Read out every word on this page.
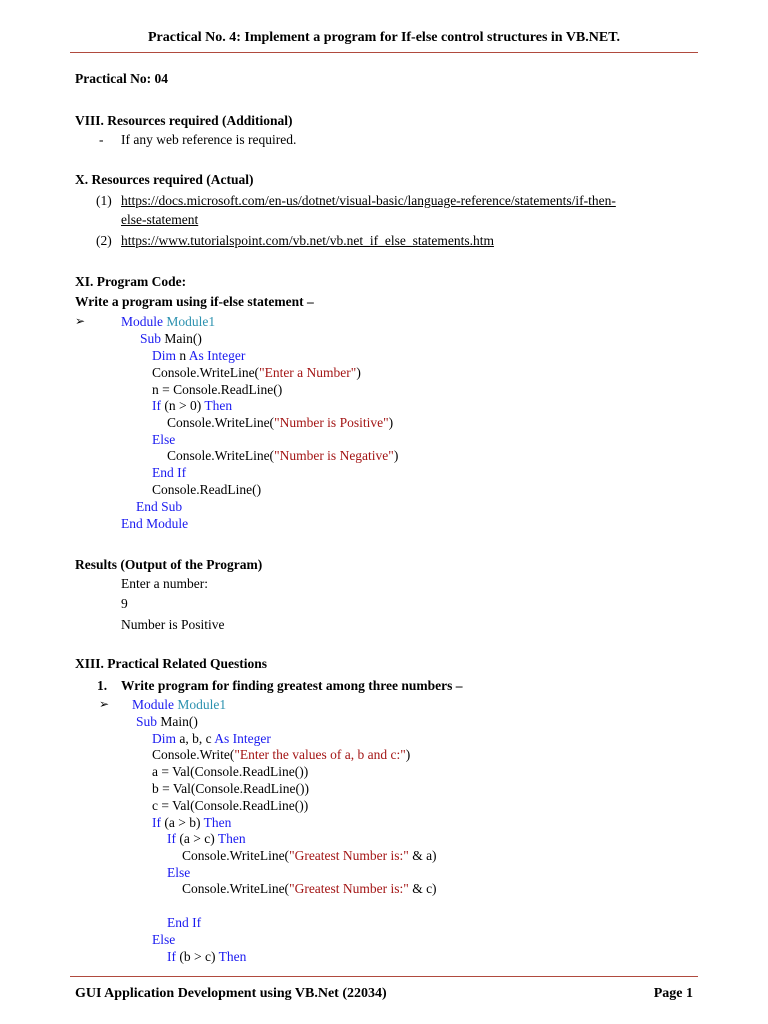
Practical No. 4: Implement a program for If-else control structures in VB.NET.
Practical No: 04
VIII. Resources required (Additional)
- If any web reference is required.
X. Resources required (Actual)
(1) https://docs.microsoft.com/en-us/dotnet/visual-basic/language-reference/statements/if-then-
else-statement
(2) https://www.tutorialspoint.com/vb.net/vb.net_if_else_statements.htm
XI. Program Code:
Write a program using if-else statement –
➢	Module Module1
Sub Main()
Dim n As Integer
Console.WriteLine("Enter a Number")
n = Console.ReadLine()
If (n > 0) Then
Console.WriteLine("Number is Positive")
Else
Console.WriteLine("Number is Negative")
End If
Console.ReadLine()
End Sub
End Module
Results (Output of the Program)
Enter a number:
9
Number is Positive
XIII. Practical Related Questions
1. Write program for finding greatest among three numbers –
➢ Module Module1
Sub Main()
Dim a, b, c As Integer
Console.Write("Enter the values of a, b and c:")
a = Val(Console.ReadLine())
b = Val(Console.ReadLine())
c = Val(Console.ReadLine())
If (a > b) Then
If (a > c) Then
Console.WriteLine("Greatest Number is:" & a)
Else
Console.WriteLine("Greatest Number is:" & c)
End If
Else
If (b > c) Then
GUI Application Development using VB.Net (22034)	Page 1
